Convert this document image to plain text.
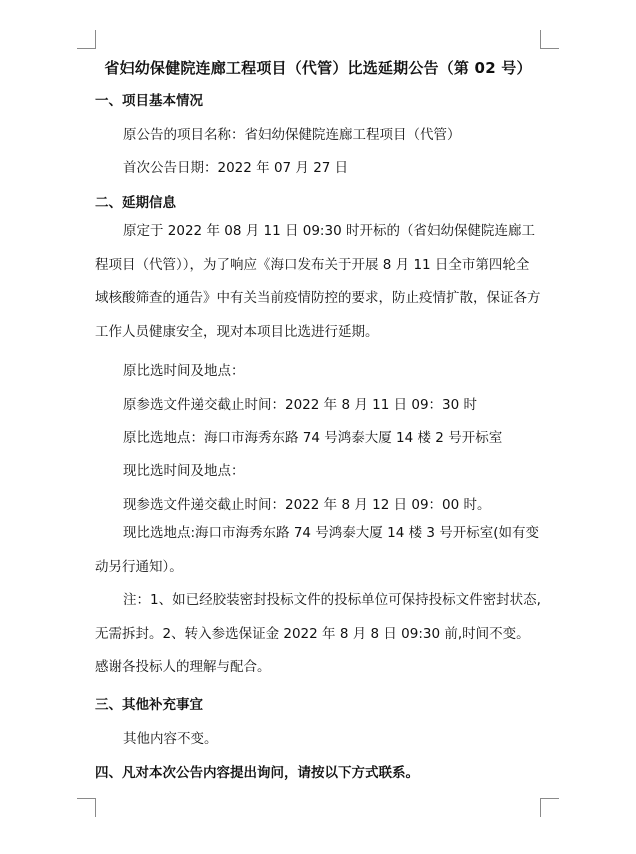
省妇幼保健院连廊工程项目（代管）比选延期公告（第 02 号）
一、项目基本情况
原公告的项目名称：省妇幼保健院连廊工程项目（代管）
首次公告日期：2022 年 07 月 27 日
二、延期信息
原定于 2022 年 08 月 11 日 09:30 时开标的（省妇幼保健院连廊工程项目（代管）），为了响应《海口发布关于开展 8 月 11 日全市第四轮全域核酸筛查的通告》中有关当前疫情防控的要求，防止疫情扩散，保证各方工作人员健康安全，现对本项目比选进行延期。
原比选时间及地点：
原参选文件递交截止时间：2022 年 8 月 11 日 09：30 时
原比选地点：海口市海秀东路 74 号鸿泰大厦 14 楼 2 号开标室
现比选时间及地点：
现参选文件递交截止时间：2022 年 8 月 12 日 09：00 时。
现比选地点:海口市海秀东路 74 号鸿泰大厦 14 楼 3 号开标室(如有变动另行通知）。
注：1、如已经胶装密封投标文件的投标单位可保持投标文件密封状态,无需拆封。2、转入参选保证金 2022 年 8 月 8 日 09:30 前,时间不变。感谢各投标人的理解与配合。
三、其他补充事宜
其他内容不变。
四、凡对本次公告内容提出询问，请按以下方式联系。
